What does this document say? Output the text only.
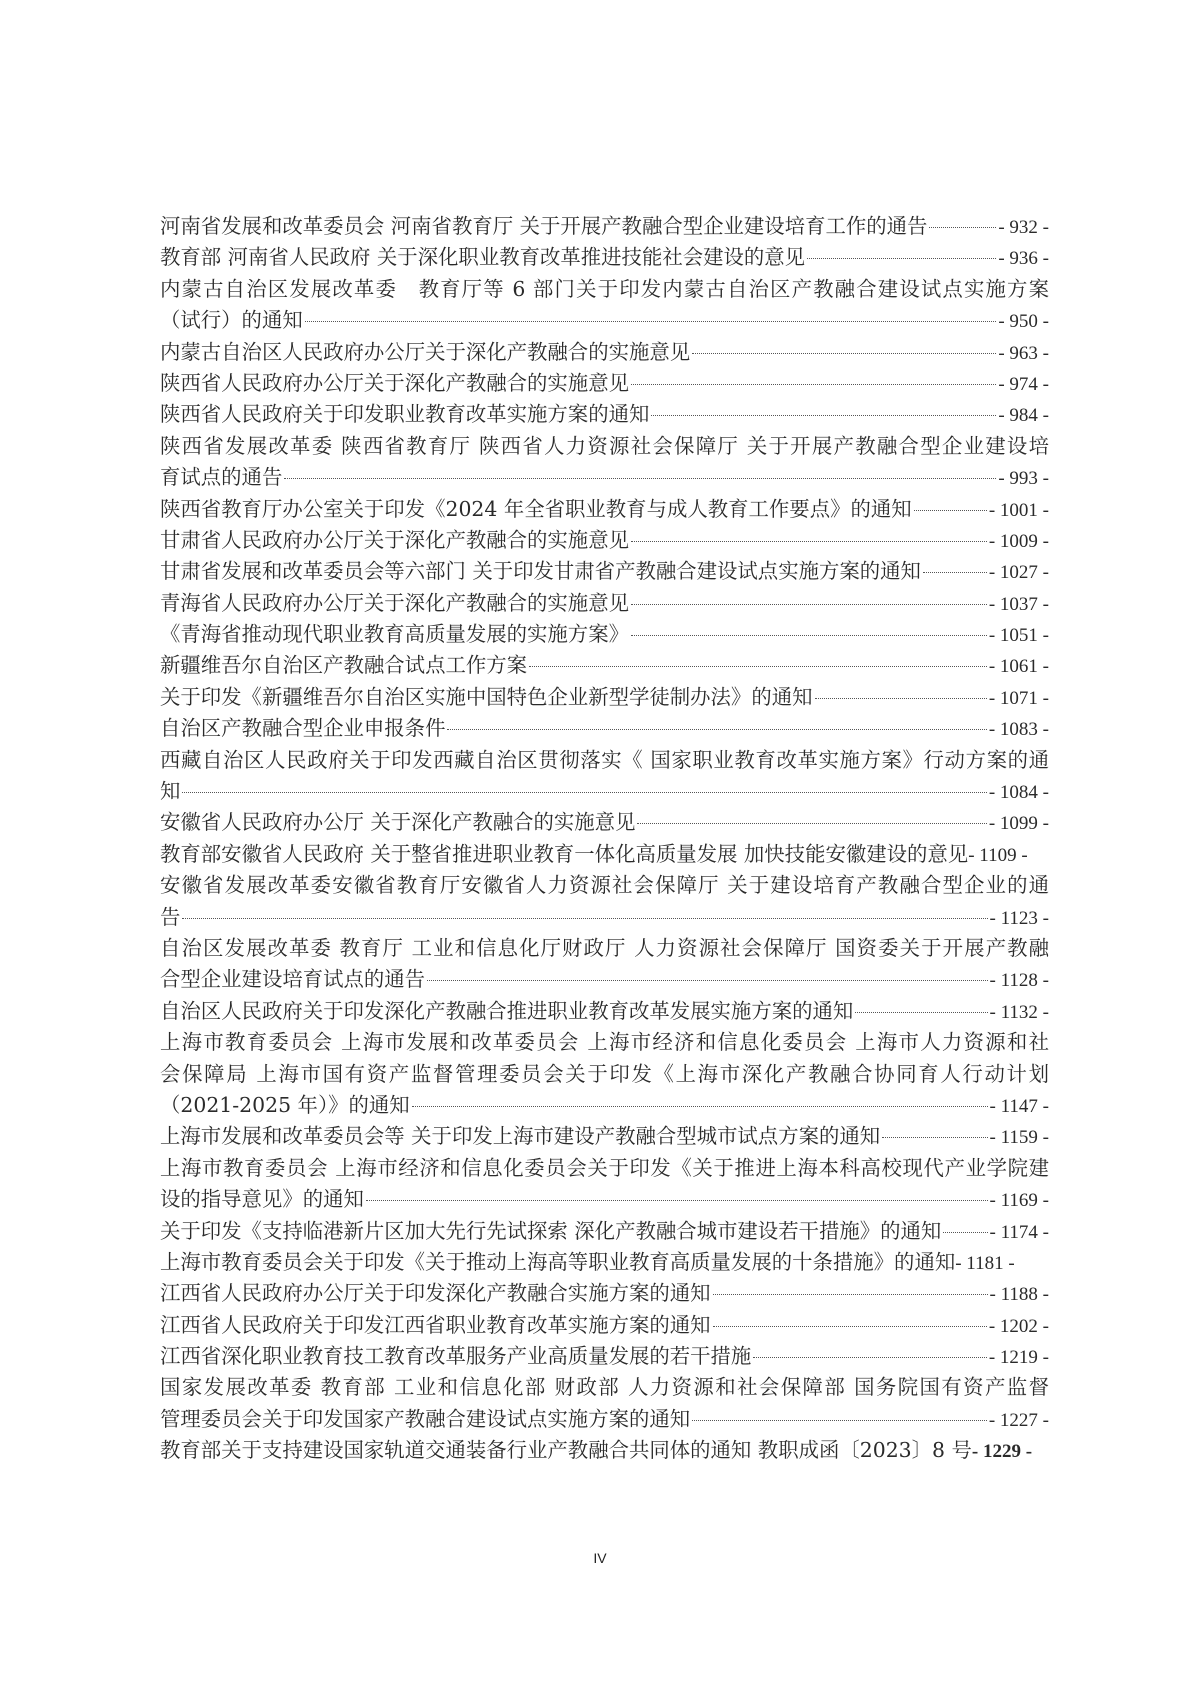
河南省发展和改革委员会 河南省教育厅 关于开展产教融合型企业建设培育工作的通告	- 932 -
教育部 河南省人民政府 关于深化职业教育改革推进技能社会建设的意见	- 936 -
内蒙古自治区发展改革委　教育厅等 6 部门关于印发内蒙古自治区产教融合建设试点实施方案
（试行）的通知	- 950 -
内蒙古自治区人民政府办公厅关于深化产教融合的实施意见	- 963 -
陕西省人民政府办公厅关于深化产教融合的实施意见	- 974 -
陕西省人民政府关于印发职业教育改革实施方案的通知	- 984 -
陕西省发展改革委 陕西省教育厅 陕西省人力资源社会保障厅 关于开展产教融合型企业建设培
育试点的通告	- 993 -
陕西省教育厅办公室关于印发《2024 年全省职业教育与成人教育工作要点》的通知	- 1001 -
甘肃省人民政府办公厅关于深化产教融合的实施意见	- 1009 -
甘肃省发展和改革委员会等六部门 关于印发甘肃省产教融合建设试点实施方案的通知	- 1027 -
青海省人民政府办公厅关于深化产教融合的实施意见	- 1037 -
《青海省推动现代职业教育高质量发展的实施方案》	- 1051 -
新疆维吾尔自治区产教融合试点工作方案	- 1061 -
关于印发《新疆维吾尔自治区实施中国特色企业新型学徒制办法》的通知	- 1071 -
自治区产教融合型企业申报条件	- 1083 -
西藏自治区人民政府关于印发西藏自治区贯彻落实《 国家职业教育改革实施方案》行动方案的通
知	- 1084 -
安徽省人民政府办公厅 关于深化产教融合的实施意见	- 1099 -
教育部安徽省人民政府 关于整省推进职业教育一体化高质量发展 加快技能安徽建设的意见 - 1109 -
安徽省发展改革委安徽省教育厅安徽省人力资源社会保障厅 关于建设培育产教融合型企业的通
告	- 1123 -
自治区发展改革委 教育厅 工业和信息化厅财政厅 人力资源社会保障厅 国资委关于开展产教融
合型企业建设培育试点的通告	- 1128 -
自治区人民政府关于印发深化产教融合推进职业教育改革发展实施方案的通知	- 1132 -
上海市教育委员会 上海市发展和改革委员会 上海市经济和信息化委员会 上海市人力资源和社
会保障局 上海市国有资产监督管理委员会关于印发《上海市深化产教融合协同育人行动计划
（2021-2025 年）》的通知	- 1147 -
上海市发展和改革委员会等 关于印发上海市建设产教融合型城市试点方案的通知	- 1159 -
上海市教育委员会 上海市经济和信息化委员会关于印发《关于推进上海本科高校现代产业学院建
设的指导意见》的通知	- 1169 -
关于印发《支持临港新片区加大先行先试探索 深化产教融合城市建设若干措施》的通知	- 1174 -
上海市教育委员会关于印发《关于推动上海高等职业教育高质量发展的十条措施》的通知 - 1181 -
江西省人民政府办公厅关于印发深化产教融合实施方案的通知	- 1188 -
江西省人民政府关于印发江西省职业教育改革实施方案的通知	- 1202 -
江西省深化职业教育技工教育改革服务产业高质量发展的若干措施	- 1219 -
国家发展改革委 教育部 工业和信息化部 财政部 人力资源和社会保障部 国务院国有资产监督
管理委员会关于印发国家产教融合建设试点实施方案的通知	- 1227 -
教育部关于支持建设国家轨道交通装备行业产教融合共同体的通知 教职成函〔2023〕8 号 - 1229 -
IV
